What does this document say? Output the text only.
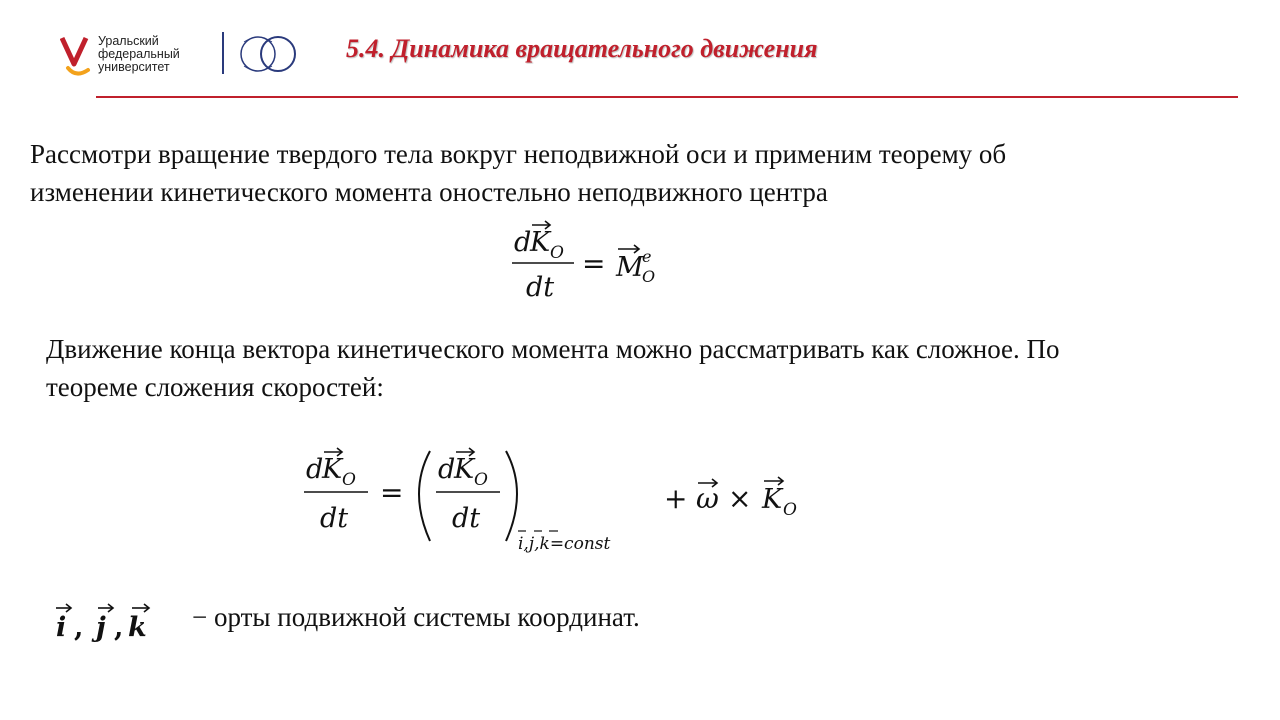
Уральский
федеральный
университет
5.4. Динамика вращательного движения
Рассмотри вращение твердого тела вокруг неподвижной оси и применим теорему об
изменении кинетического момента оностельно неподвижного центра
d
K O
dt
= M
e
O
Движение конца вектора кинетического момента можно рассматривать как сложное. По
теореме сложения скоростей:
d
K O
dt
=
d
K O
dt
i,j,k=const
+ ω × K O
i , j , k − орты подвижной системы координат.
